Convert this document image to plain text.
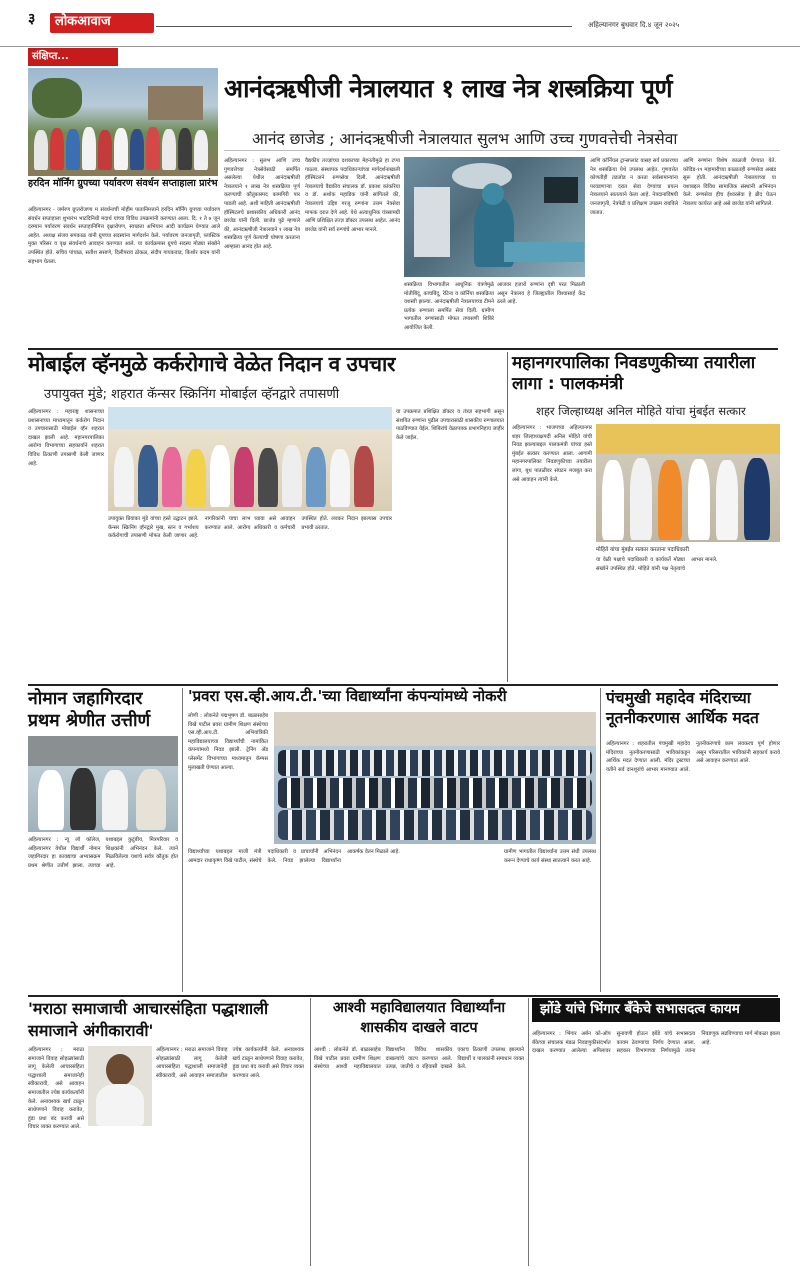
३ लोकआवाज	अहिल्यानगर बुधवार दि.४ जून २०२५
संक्षिप्त...
हरदिन मॉर्निंग ग्रुपच्या पर्यावरण संवर्धन सप्ताहाला प्रारंभ
अहिल्यानगर - जर्मरण ग्रुप्तरोजण्य म संवर्धनाची मोहीम पातानिमत्ताने हरदिन मॉर्निंग ग्रुपच्या पर्यावरण संवर्धन सप्ताहाला शुभारंभ भाटदिनिधी मदार्थ यांच्या विविध उपक्रमांनी करण्यात आला. दि. १ ते ७ जून दरम्यान पर्यावरण संवर्धन सप्ताहानिमित्त वृक्षारोपण, स्वच्छता अभियान आदी कार्यक्रम घेण्यात आले आहेत. अध्यक्ष संजय सपकाळ यांनी ग्रुपच्या सदस्यांना मार्गदर्शन केले. पर्यावरण जनजागृती, प्लास्टिक मुक्त परिसर व वृक्ष संवर्धनाचे आवाहन करण्यात आले. या कार्यक्रमास ग्रुपचे सदस्य मोठ्या संख्येने उपस्थित होते. सचिव पांचाळ, सतीश ससाणे, दिलीपराव ठोकळ, संदीप गायकवाड, किशोर कदम यांनी सहभाग घेतला.
आनंदऋषीजी नेत्रालयात १ लाख नेत्र शस्त्रक्रिया पूर्ण
आनंद छाजेड ; आनंदऋषीजी नेत्रालयात सुलभ आणि उच्च गुणवत्तेची नेत्रसेवा
अहिल्यानगर : सुलभ आणि उच्च गुणवत्तेच्या नेत्रसेवेसाठी समर्पित असलेल्या येथील आनंदऋषीजी नेत्रालयाने १ लाख नेत्र शस्त्रक्रिया पूर्ण करण्याची कौतुकास्पद कामगिरी पार पाडली आहे. अशी माहिती आनंदऋषीजी हॉस्पिटलचे प्रशासकीय अधिकारी आनंद छाजेड यांनी दिली. छाजेड पुढे म्हणाले की, आनंदऋषीजी नेत्रालयाने १ लाख नेत्र शस्त्रक्रिया पूर्ण केल्याची घोषणा करताना आम्हाला आनंद होत आहे.
वैद्यकीय तज्ज्ञांच्या दशकाच्या मेहनतीमुळे हा टप्पा गाठला. संस्थापक पदाधिकाऱ्यांच्या मार्गदर्शनाखाली हॉस्पिटलने रुग्णसेवा दिली. आनंदऋषीजी नेत्रालयाचे वैद्यकीय संचालक डॉ. प्रकाश कांकरिया व डॉ. अशोक महाडिक यांनी सांगितले की, नेत्रालयाचे उद्दिष्ट गरजू रुग्णांना उत्तम नेत्रसेवा माफक दरात देणे आहे. येथे अत्याधुनिक यंत्रसामग्री आणि प्रशिक्षित तज्ज्ञ डॉक्टर उपलब्ध आहेत. आनंद छाजेड यांनी सर्व रुग्णांचे आभार मानले.
शस्त्रक्रिया विभागातील आधुनिक यंत्रणेमुळे मोतीबिंदू, काचबिंदू, रेटिना व कॉर्निया शस्त्रक्रिया यशस्वी झाल्या. आनंदऋषीजी नेत्रालयाच्या टीमने प्रत्येक रुग्णाला समर्पित सेवा दिली. ग्रामीण भागातील रुग्णांसाठी मोफत तपासणी शिबिरे आयोजित केली.
आजवर हजारो रुग्णांना दृष्टी परत मिळाली असून नेत्रालय हे जिल्ह्यातील विश्वासार्ह केंद्र ठरले आहे.
आणि कॉर्नियल ट्रान्सप्लांट यासह सर्व प्रकारच्या नेत्र शस्त्रक्रिया येथे उपलब्ध आहेत. गुणवत्तेत कोणतीही तडजोड न करता सर्वसामान्यांना परवडणाऱ्या दरात सेवा देण्याचा प्रयत्न नेत्रालयाने सातत्याने केला आहे. नेत्रदानाविषयी जनजागृती, नेत्रपेढी व प्रशिक्षण उपक्रम राबविले जातात.
आणि रुग्णांना विशेष काळजी घेण्यात येते. कोविड-१९ महामारीच्या काळातही रुग्णसेवा अखंड सुरू होती. आनंदऋषीजी नेत्रालयाच्या या यशाबद्दल विविध सामाजिक संस्थांनी अभिनंदन केले. रुग्णसेवा हीच ईश्वरसेवा हे ब्रीद घेऊन नेत्रालय कार्यरत आहे असे छाजेड यांनी सांगितले.
मोबाईल व्हॅनमुळे कर्करोगाचे वेळेत निदान व उपचार
उपायुक्त मुंडे; शहरात कॅन्सर स्क्रिनिंग मोबाईल व्हॅनद्वारे तपासणी
अहिल्यानगर : महाराष्ट्र शासनाच्या प्रशासनाच्या माध्यमातून कर्करोग निदान व उपचारासाठी मोबाईल व्हॅन शहरात दाखल झाली आहे. महानगरपालिका आरोग्य विभागाच्या सहकार्याने शहरात विविध ठिकाणी तपासणी केली जाणार आहे.
उपायुक्त प्रियांका मुंडे यांच्या हस्ते उद्घाटन झाले. कॅन्सर स्क्रिनिंग व्हॅनद्वारे मुख, स्तन व गर्भाशय कर्करोगाची तपासणी मोफत केली जाणार आहे. नागरिकांनी याचा लाभ घ्यावा असे आवाहन करण्यात आले. आरोग्य अधिकारी व कर्मचारी उपस्थित होते. लवकर निदान झाल्यास उपचार प्रभावी ठरतात.
या उपक्रमात प्रशिक्षित डॉक्टर व तंत्रज्ञ सहभागी असून संशयित रुग्णांना पुढील उपचारासाठी शासकीय रुग्णालयात पाठविण्यात येईल. शिबिरांचे वेळापत्रक प्रभागनिहाय जाहीर केले जाईल.
महानगरपालिका निवडणुकीच्या तयारीला लागा : पालकमंत्री
शहर जिल्हाध्यक्ष अनिल मोहिते यांचा मुंबईत सत्कार
अहिल्यानगर : भाजपच्या अहिल्यानगर शहर जिल्हाध्यक्षपदी अनिल मोहिते यांची निवड झाल्याबद्दल पालकमंत्री यांच्या हस्ते मुंबईत सत्कार करण्यात आला. आगामी महानगरपालिका निवडणुकीच्या तयारीला लागा, बूथ पातळीवर संघटन मजबूत करा असे आवाहन त्यांनी केले.
मोहिते यांचा मुंबईत सत्कार करताना पदाधिकारी
या वेळी पक्षाचे पदाधिकारी व कार्यकर्ते मोठ्या संख्येने उपस्थित होते. मोहिते यांनी पक्ष नेतृत्वाचे आभार मानले.
नोमान जहागिरदार प्रथम श्रेणीत उत्तीर्ण
अहिल्यानगर : न्यू लॉ कॉलेज, अहिल्यानगर येथील विद्यार्थी नोमान जहागिरदार हा कायद्याचा अभ्यासक्रम प्रथम श्रेणीत उत्तीर्ण झाला. त्याच्या यशाबद्दल कुटुंबीय, मित्रपरिवार व शिक्षकांनी अभिनंदन केले. त्याने मिळविलेल्या यशाचे सर्वत्र कौतुक होत आहे.
'प्रवरा एस.व्ही.आय.टी.'च्या विद्यार्थ्यांना कंपन्यांमध्ये नोकरी
लोणी : लोकनेते पद्मभूषण डॉ. बाळासाहेब विखे पाटील प्रवरा ग्रामीण शिक्षण संस्थेच्या एस.व्ही.आय.टी. अभियांत्रिकी महाविद्यालयाच्या विद्यार्थ्यांची नामांकित कंपन्यांमध्ये निवड झाली. ट्रेनिंग अँड प्लेसमेंट विभागाच्या माध्यमातून कॅम्पस मुलाखती घेण्यात आल्या.
विद्यार्थ्यांच्या यशाबद्दल माजी मंत्री आमदार राधाकृष्ण विखे पाटील, संस्थेचे पदाधिकारी व प्राचार्यांनी अभिनंदन केले. निवड झालेल्या विद्यार्थ्यांना आकर्षक वेतन मिळाले आहे.	ग्रामीण भागातील विद्यार्थ्यांना उत्तम संधी उपलब्ध करून देण्याचे कार्य संस्था सातत्याने करत आहे.
पंचमुखी महादेव मंदिराच्या नूतनीकरणास आर्थिक मदत
अहिल्यानगर : शहरातील पंचमुखी महादेव मंदिराच्या नूतनीकरणासाठी भाविकांकडून आर्थिक मदत देण्यात आली. मंदिर ट्रस्टच्या वतीने सर्व दानशूरांचे आभार मानण्यात आले. नूतनीकरणाचे काम लवकरच पूर्ण होणार असून परिसरातील भाविकांनी सहकार्य करावे असे आवाहन करण्यात आले.
'मराठा समाजाची आचारसंहिता पद्धाशाली समाजाने अंगीकारावी'
अहिल्यानगर : मराठा समाजाने विवाह सोहळ्यांसाठी लागू केलेली आचारसंहिता पद्धाशाली समाजानेही स्वीकारावी, असे आवाहन समाजातील ज्येष्ठ कार्यकर्त्यांनी केले. अनावश्यक खर्च टाळून साधेपणाने विवाह करावेत, हुंडा प्रथा बंद करावी असे विचार व्यक्त करण्यात आले.
अहिल्यानगर : मराठा समाजाने विवाह सोहळ्यांसाठी लागू केलेली आचारसंहिता पद्धाशाली समाजानेही स्वीकारावी, असे आवाहन समाजातील ज्येष्ठ कार्यकर्त्यांनी केले. अनावश्यक खर्च टाळून साधेपणाने विवाह करावेत, हुंडा प्रथा बंद करावी असे विचार व्यक्त करण्यात आले.
आश्वी महाविद्यालयात विद्यार्थ्यांना शासकीय दाखले वाटप
आश्वी : लोकनेते डॉ. बाळासाहेब विखे पाटील प्रवरा ग्रामीण शिक्षण संस्थेच्या आश्वी महाविद्यालयात विद्यार्थ्यांना विविध शासकीय दाखल्यांचे वाटप करण्यात आले. उत्पन्न, जातीचे व रहिवासी दाखले एकाच ठिकाणी उपलब्ध झाल्याने विद्यार्थी व पालकांनी समाधान व्यक्त केले.
झोंडे यांचे भिंगार बँकेचे सभासदत्व कायम
अहिल्यानगर : भिंगार अर्बन को-ऑप बँकेच्या संचालक मंडळ निवडणुकीसंदर्भात दाखल करण्यात आलेल्या अपिलावर सुनावणी होऊन झोंडे यांचे सभासदत्व कायम ठेवण्याचा निर्णय देण्यात आला. सहकार विभागाच्या निर्णयामुळे त्यांना निवडणूक लढविण्याचा मार्ग मोकळा झाला आहे.
